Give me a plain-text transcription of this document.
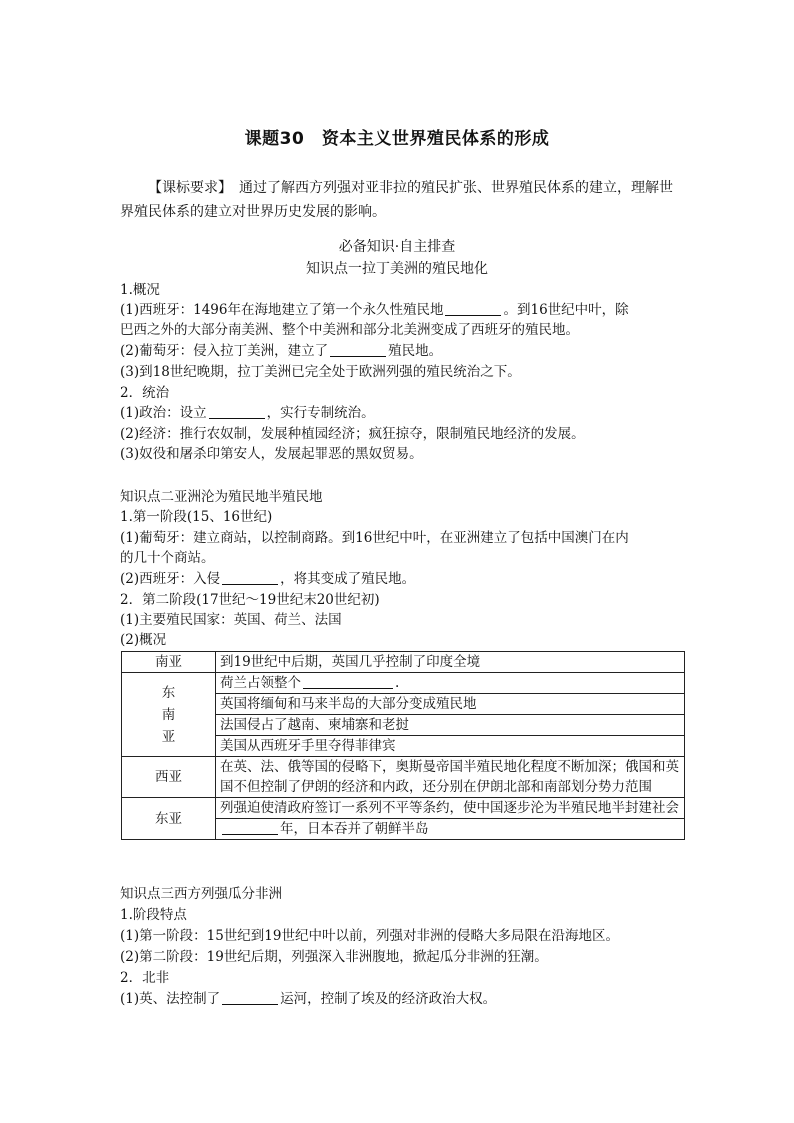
课题30　资本主义世界殖民体系的形成
【课标要求】　通过了解西方列强对亚非拉的殖民扩张、世界殖民体系的建立，理解世
界殖民体系的建立对世界历史发展的影响。
必备知识·自主排查
知识点一拉丁美洲的殖民地化
1.概况
(1)西班牙：1496年在海地建立了第一个永久性殖民地	。到16世纪中叶，除
巴西之外的大部分南美洲、整个中美洲和部分北美洲变成了西班牙的殖民地。
(2)葡萄牙：侵入拉丁美洲，建立了	殖民地。
(3)到18世纪晚期，拉丁美洲已完全处于欧洲列强的殖民统治之下。
2．统治
(1)政治：设立	，实行专制统治。
(2)经济：推行农奴制，发展种植园经济；疯狂掠夺，限制殖民地经济的发展。
(3)奴役和屠杀印第安人，发展起罪恶的黑奴贸易。
知识点二亚洲沦为殖民地半殖民地
1.第一阶段(15、16世纪)
(1)葡萄牙：建立商站，以控制商路。到16世纪中叶，在亚洲建立了包括中国澳门在内
的几十个商站。
(2)西班牙：入侵	，将其变成了殖民地。
2．第二阶段(17世纪～19世纪末20世纪初)
(1)主要殖民国家：英国、荷兰、法国
(2)概况
南亚	到19世纪中后期，英国几乎控制了印度全境
东南亚	荷兰占领整个 .
	英国将缅甸和马来半岛的大部分变成殖民地
	法国侵占了越南、柬埔寨和老挝
	美国从西班牙手里夺得菲律宾
西亚	在英、法、俄等国的侵略下，奥斯曼帝国半殖民地化程度不断加深；俄国和英国不但控制了伊朗的经济和内政，还分别在伊朗北部和南部划分势力范围
东亚	列强迫使清政府签订一系列不平等条约，使中国逐步沦为半殖民地半封建社会
	年，日本吞并了朝鲜半岛
知识点三西方列强瓜分非洲
1.阶段特点
(1)第一阶段：15世纪到19世纪中叶以前，列强对非洲的侵略大多局限在沿海地区。
(2)第二阶段：19世纪后期，列强深入非洲腹地，掀起瓜分非洲的狂潮。
2．北非
(1)英、法控制了	运河，控制了埃及的经济政治大权。
